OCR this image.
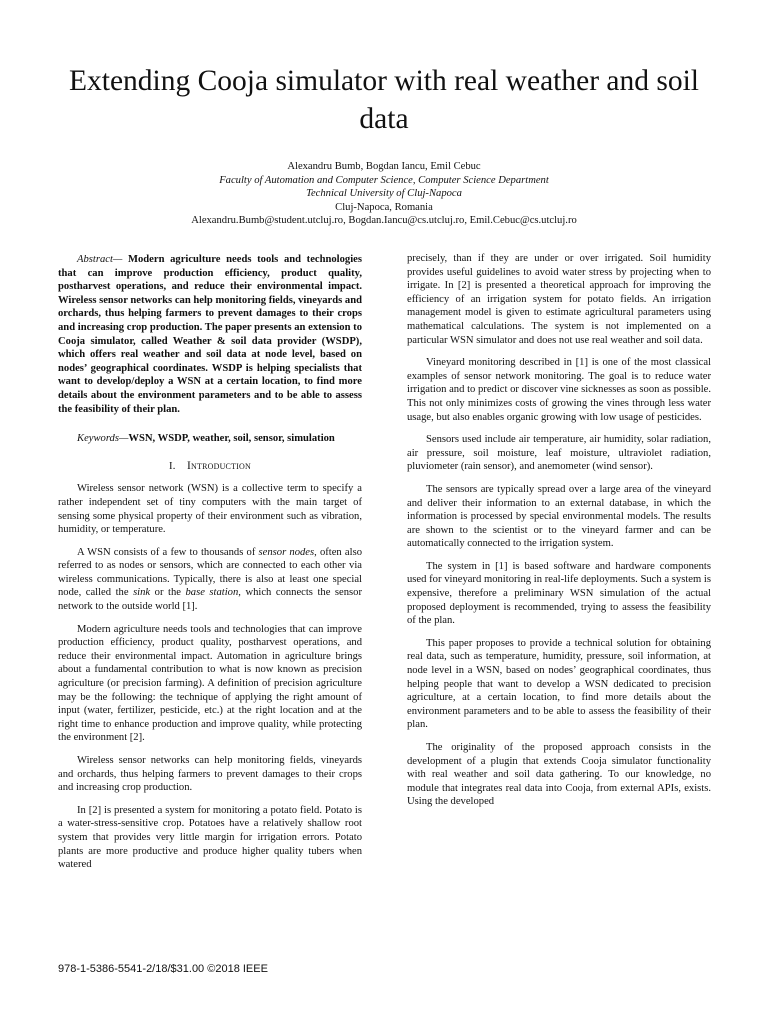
Extending Cooja simulator with real weather and soil data
Alexandru Bumb, Bogdan Iancu, Emil Cebuc
Faculty of Automation and Computer Science, Computer Science Department
Technical University of Cluj-Napoca
Cluj-Napoca, Romania
Alexandru.Bumb@student.utcluj.ro, Bogdan.Iancu@cs.utcluj.ro, Emil.Cebuc@cs.utcluj.ro

Abstract— Modern agriculture needs tools and technologies that can improve production efficiency, product quality, postharvest operations, and reduce their environmental impact. Wireless sensor networks can help monitoring fields, vineyards and orchards, thus helping farmers to prevent damages to their crops and increasing crop production. The paper presents an extension to Cooja simulator, called Weather & soil data provider (WSDP), which offers real weather and soil data at node level, based on nodes’ geographical coordinates. WSDP is helping specialists that want to develop/deploy a WSN at a certain location, to find more details about the environment parameters and to be able to assess the feasibility of their plan.

Keywords—WSN, WSDP, weather, soil, sensor, simulation

I. Introduction

Wireless sensor network (WSN) is a collective term to specify a rather independent set of tiny computers with the main target of sensing some physical property of their environment such as vibration, humidity, or temperature.

A WSN consists of a few to thousands of sensor nodes, often also referred to as nodes or sensors, which are connected to each other via wireless communications. Typically, there is also at least one special node, called the sink or the base station, which connects the sensor network to the outside world [1].

Modern agriculture needs tools and technologies that can improve production efficiency, product quality, postharvest operations, and reduce their environmental impact. Automation in agriculture brings about a fundamental contribution to what is now known as precision agriculture (or precision farming). A definition of precision agriculture may be the following: the technique of applying the right amount of input (water, fertilizer, pesticide, etc.) at the right location and at the right time to enhance production and improve quality, while protecting the environment [2].

Wireless sensor networks can help monitoring fields, vineyards and orchards, thus helping farmers to prevent damages to their crops and increasing crop production.

In [2] is presented a system for monitoring a potato field. Potato is a water-stress-sensitive crop. Potatoes have a relatively shallow root system that provides very little margin for irrigation errors. Potato plants are more productive and produce higher quality tubers when watered

precisely, than if they are under or over irrigated. Soil humidity provides useful guidelines to avoid water stress by projecting when to irrigate. In [2] is presented a theoretical approach for improving the efficiency of an irrigation system for potato fields. An irrigation management model is given to estimate agricultural parameters using mathematical calculations. The system is not implemented on a particular WSN simulator and does not use real weather and soil data.

Vineyard monitoring described in [1] is one of the most classical examples of sensor network monitoring. The goal is to reduce water irrigation and to predict or discover vine sicknesses as soon as possible. This not only minimizes costs of growing the vines through less water usage, but also enables organic growing with low usage of pesticides.

Sensors used include air temperature, air humidity, solar radiation, air pressure, soil moisture, leaf moisture, ultraviolet radiation, pluviometer (rain sensor), and anemometer (wind sensor).

The sensors are typically spread over a large area of the vineyard and deliver their information to an external database, in which the information is processed by special environmental models. The results are shown to the scientist or to the vineyard farmer and can be automatically connected to the irrigation system.

The system in [1] is based software and hardware components used for vineyard monitoring in real-life deployments. Such a system is expensive, therefore a preliminary WSN simulation of the actual proposed deployment is recommended, trying to assess the feasibility of the plan.

This paper proposes to provide a technical solution for obtaining real data, such as temperature, humidity, pressure, soil information, at node level in a WSN, based on nodes’ geographical coordinates, thus helping people that want to develop a WSN dedicated to precision agriculture, at a certain location, to find more details about the environment parameters and to be able to assess the feasibility of their plan.

The originality of the proposed approach consists in the development of a plugin that extends Cooja simulator functionality with real weather and soil data gathering. To our knowledge, no module that integrates real data into Cooja, from external APIs, exists. Using the developed

978-1-5386-5541-2/18/$31.00 ©2018 IEEE
